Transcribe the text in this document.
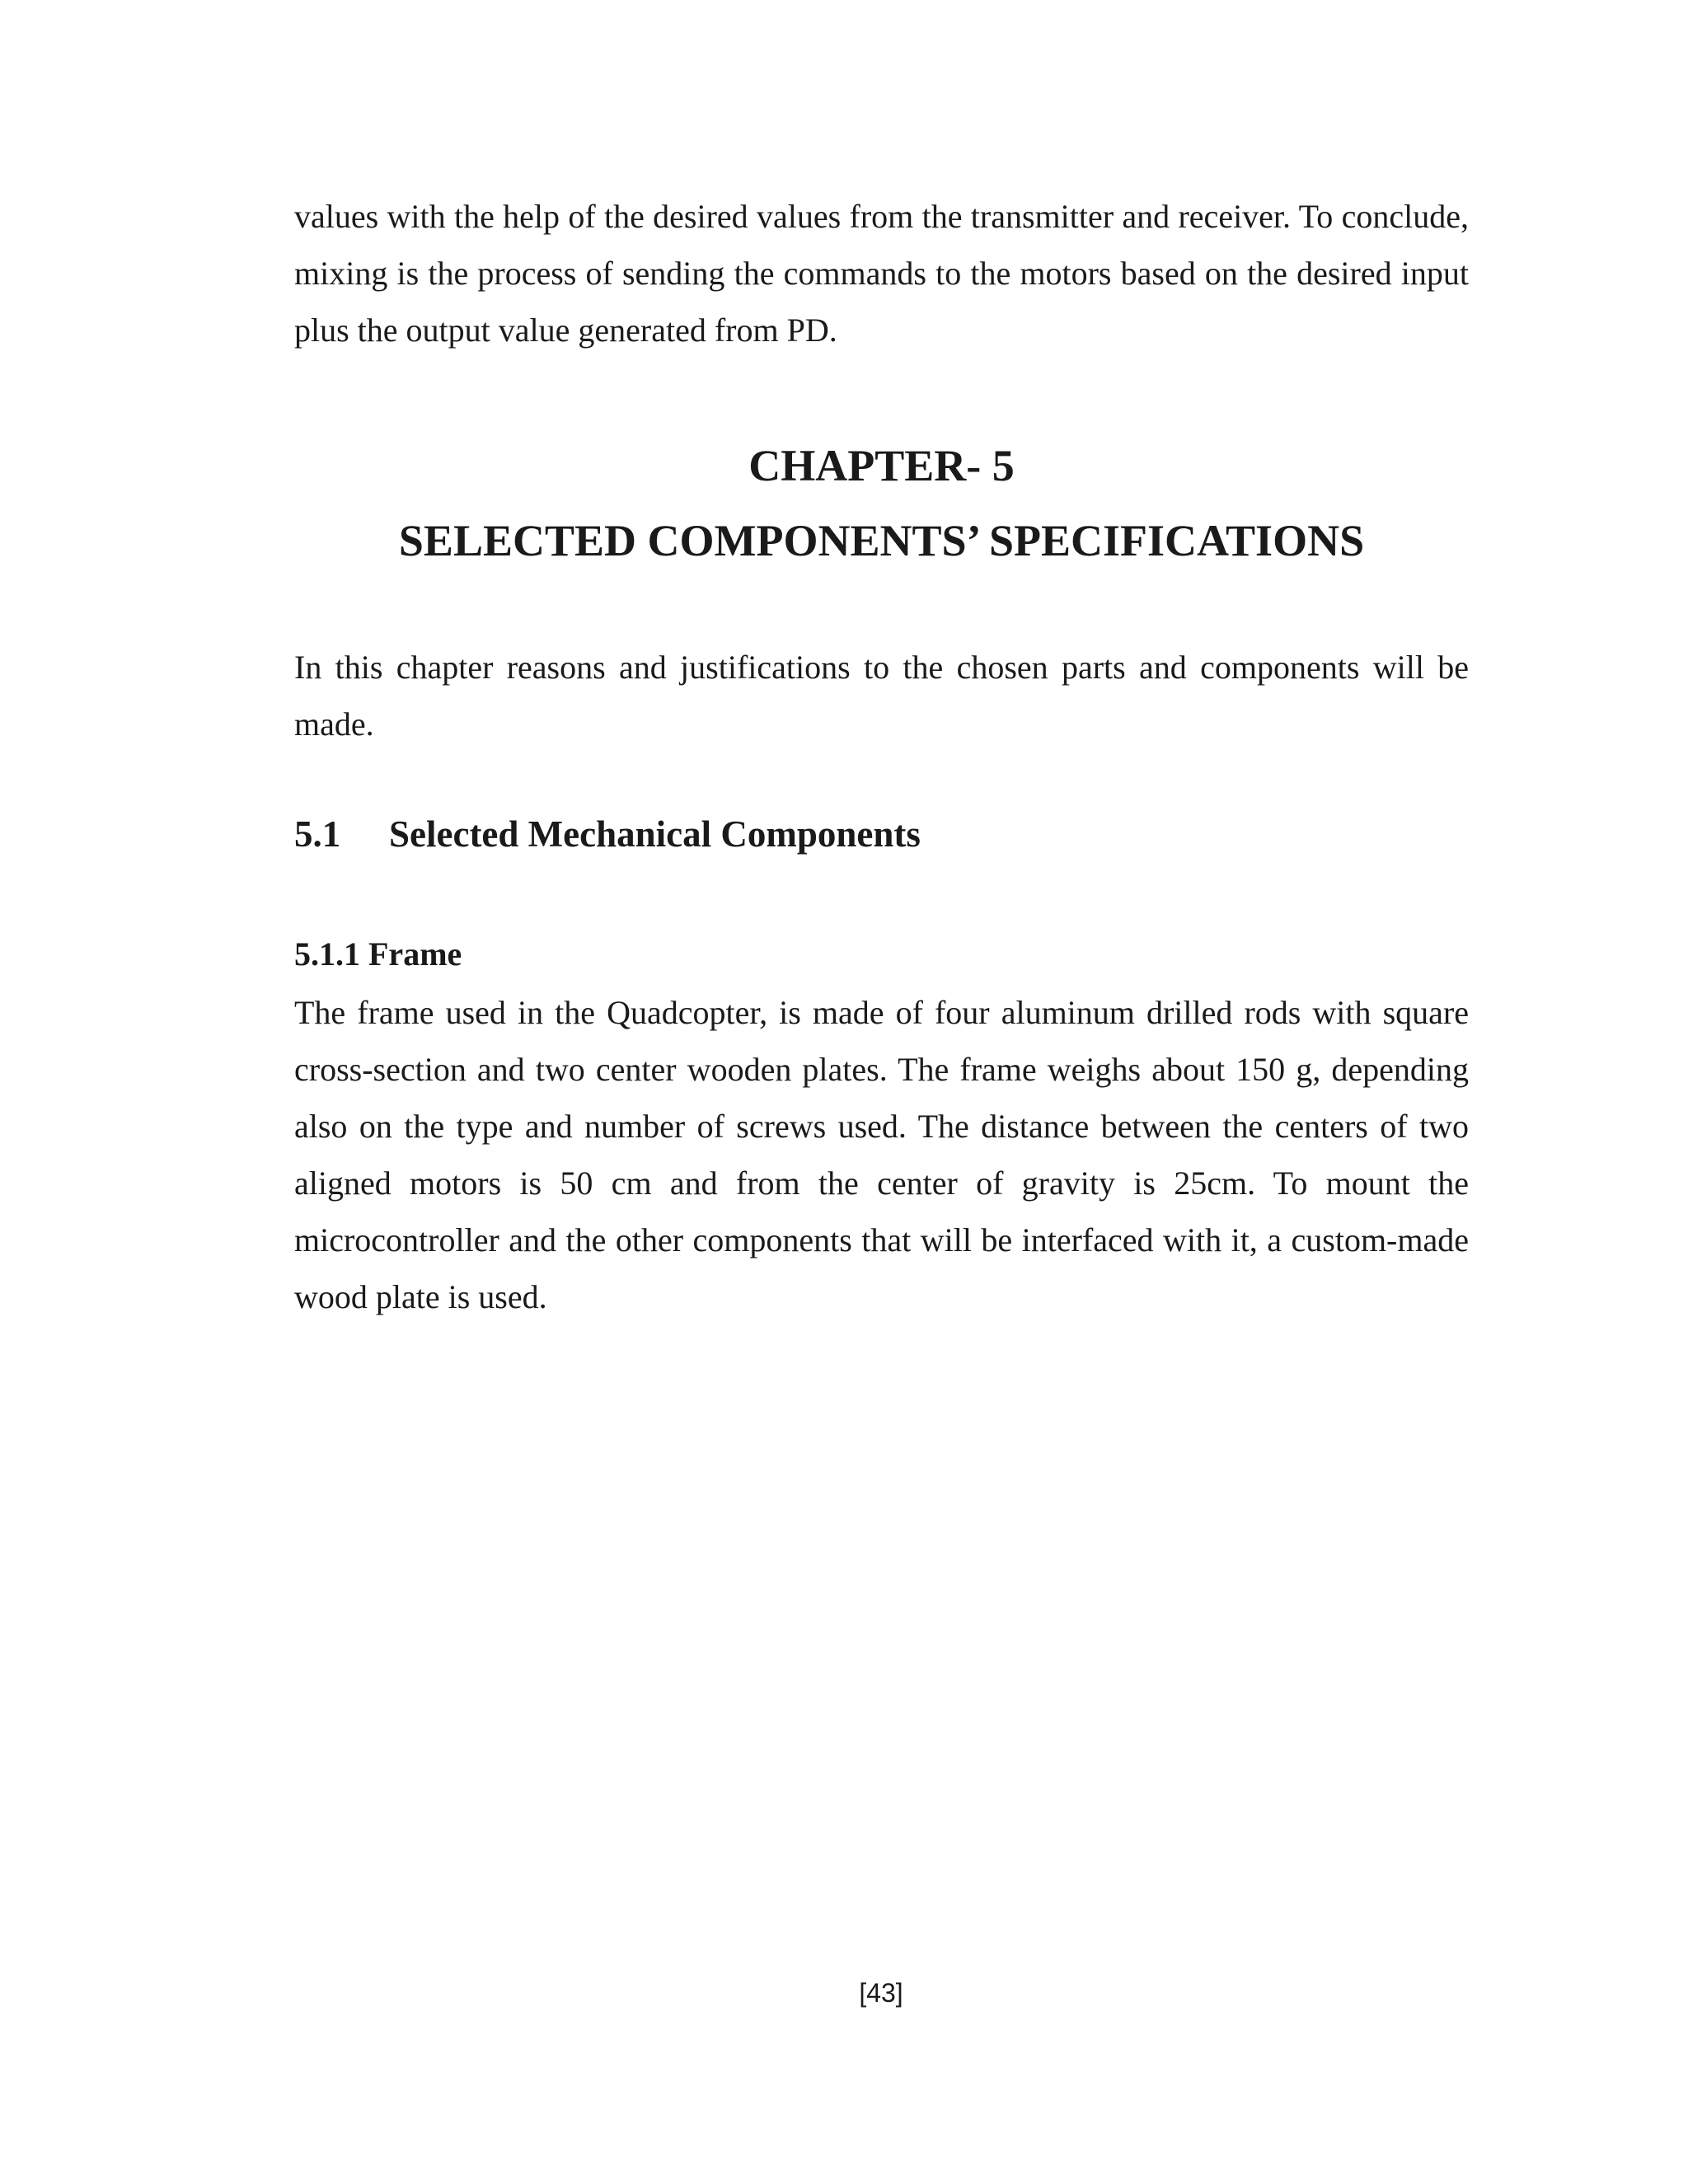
values with the help of the desired values from the transmitter and receiver. To conclude, mixing is the process of sending the commands to the motors based on the desired input plus the output value generated from PD.

CHAPTER- 5
SELECTED COMPONENTS’ SPECIFICATIONS

In this chapter reasons and justifications to the chosen parts and components will be made.

5.1	Selected Mechanical Components
5.1.1 Frame

The frame used in the Quadcopter, is made of four aluminum drilled rods with square cross-section and two center wooden plates. The frame weighs about 150 g, depending also on the type and number of screws used. The distance between the centers of two aligned motors is 50 cm and from the center of gravity is 25cm. To mount the microcontroller and the other components that will be interfaced with it, a custom-made wood plate is used.

[43]
